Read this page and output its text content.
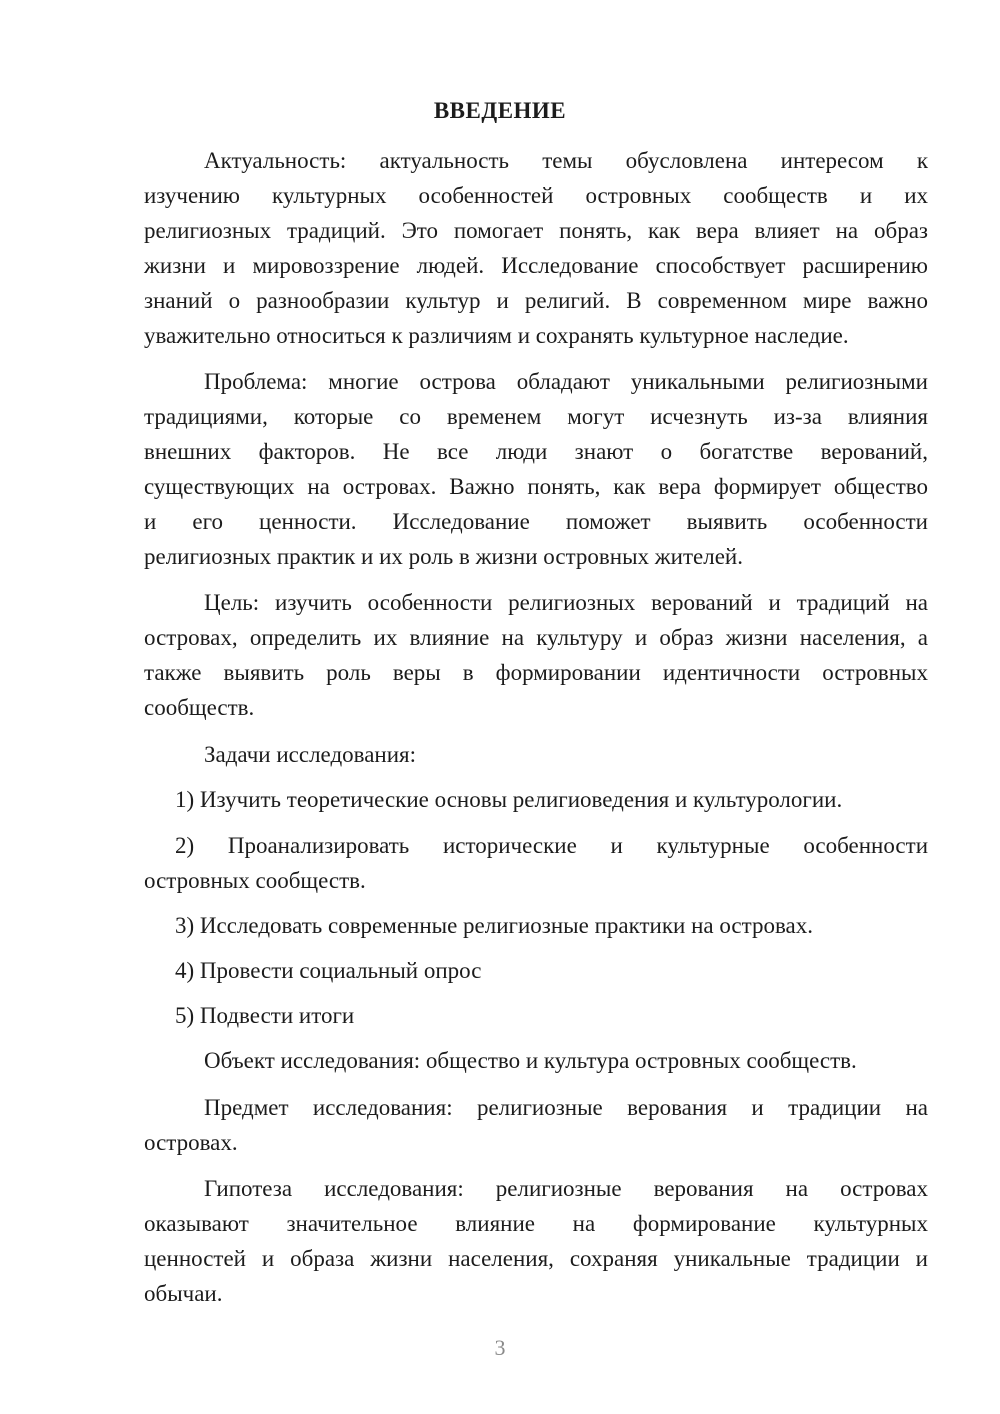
ВВЕДЕНИЕ
Актуальность: актуальность темы обусловлена интересом к
изучению культурных особенностей островных сообществ и их
религиозных традиций. Это помогает понять, как вера влияет на образ
жизни и мировоззрение людей. Исследование способствует расширению
знаний о разнообразии культур и религий. В современном мире важно
уважительно относиться к различиям и сохранять культурное наследие.
Проблема: многие острова обладают уникальными религиозными
традициями, которые со временем могут исчезнуть из-за влияния
внешних факторов. Не все люди знают о богатстве верований,
существующих на островах. Важно понять, как вера формирует общество
и его ценности. Исследование поможет выявить особенности
религиозных практик и их роль в жизни островных жителей.
Цель: изучить особенности религиозных верований и традиций на
островах, определить их влияние на культуру и образ жизни населения, а
также выявить роль веры в формировании идентичности островных
сообществ.
Задачи исследования:
1) Изучить теоретические основы религиоведения и культурологии.
2) Проанализировать исторические и культурные особенности
островных сообществ.
3) Исследовать современные религиозные практики на островах.
4) Провести социальный опрос
5) Подвести итоги
Объект исследования: общество и культура островных сообществ.
Предмет исследования: религиозные верования и традиции на
островах.
Гипотеза исследования: религиозные верования на островах
оказывают значительное влияние на формирование культурных
ценностей и образа жизни населения, сохраняя уникальные традиции и
обычаи.
3
